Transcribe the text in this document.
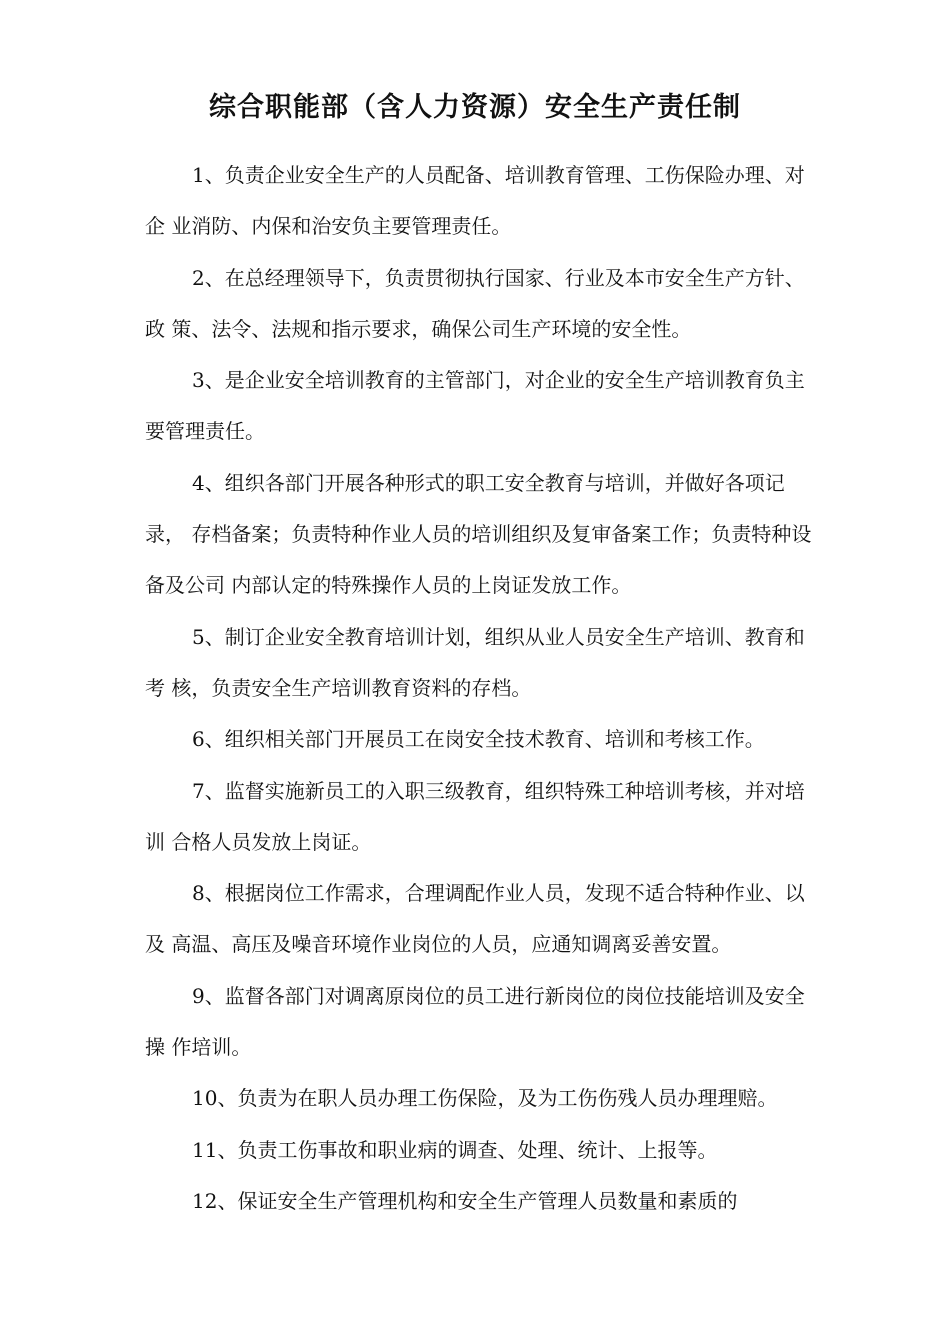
综合职能部（含人力资源）安全生产责任制

1、负责企业安全生产的人员配备、培训教育管理、工伤保险办理、对企 业消防、内保和治安负主要管理责任。

2、在总经理领导下，负责贯彻执行国家、行业及本市安全生产方针、政 策、法令、法规和指示要求，确保公司生产环境的安全性。

3、是企业安全培训教育的主管部门，对企业的安全生产培训教育负主要管理责任。

4、组织各部门开展各种形式的职工安全教育与培训，并做好各项记录， 存档备案；负责特种作业人员的培训组织及复审备案工作；负责特种设备及公司 内部认定的特殊操作人员的上岗证发放工作。

5、制订企业安全教育培训计划，组织从业人员安全生产培训、教育和考 核，负责安全生产培训教育资料的存档。

6、组织相关部门开展员工在岗安全技术教育、培训和考核工作。

7、监督实施新员工的入职三级教育，组织特殊工种培训考核，并对培训 合格人员发放上岗证。

8、根据岗位工作需求，合理调配作业人员，发现不适合特种作业、以及 高温、高压及噪音环境作业岗位的人员，应通知调离妥善安置。

9、监督各部门对调离原岗位的员工进行新岗位的岗位技能培训及安全操 作培训。

10、负责为在职人员办理工伤保险，及为工伤伤残人员办理理赔。

11、负责工伤事故和职业病的调查、处理、统计、上报等。

12、保证安全生产管理机构和安全生产管理人员数量和素质的
